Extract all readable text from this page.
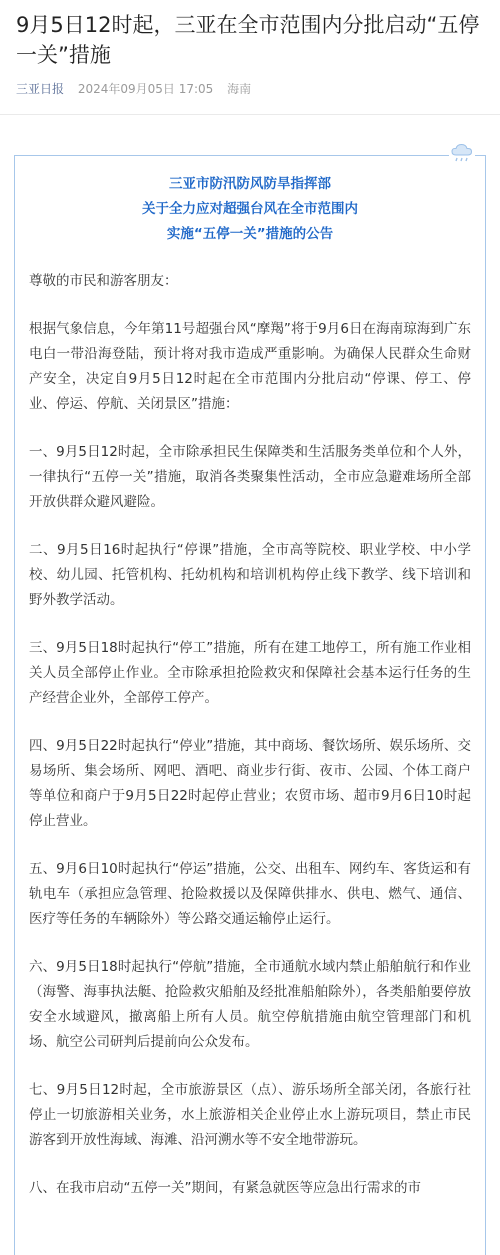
9月5日12时起，三亚在全市范围内分批启动“五停一关”措施
三亚日报 2024年09月05日 17:05 海南
三亚市防汛防风防旱指挥部
关于全力应对超强台风在全市范围内
实施“五停一关”措施的公告

尊敬的市民和游客朋友：

根据气象信息，今年第11号超强台风“摩羯”将于9月6日在海南琼海到广东电白一带沿海登陆，预计将对我市造成严重影响。为确保人民群众生命财产安全，决定自9月5日12时起在全市范围内分批启动“停课、停工、停业、停运、停航、关闭景区”措施：

一、9月5日12时起，全市除承担民生保障类和生活服务类单位和个人外，一律执行“五停一关”措施，取消各类聚集性活动，全市应急避难场所全部开放供群众避风避险。

二、9月5日16时起执行“停课”措施，全市高等院校、职业学校、中小学校、幼儿园、托管机构、托幼机构和培训机构停止线下教学、线下培训和野外教学活动。

三、9月5日18时起执行“停工”措施，所有在建工地停工，所有施工作业相关人员全部停止作业。全市除承担抢险救灾和保障社会基本运行任务的生产经营企业外，全部停工停产。

四、9月5日22时起执行“停业”措施，其中商场、餐饮场所、娱乐场所、交易场所、集会场所、网吧、酒吧、商业步行街、夜市、公园、个体工商户等单位和商户于9月5日22时起停止营业；农贸市场、超市9月6日10时起停止营业。

五、9月6日10时起执行“停运”措施，公交、出租车、网约车、客货运和有轨电车（承担应急管理、抢险救援以及保障供排水、供电、燃气、通信、医疗等任务的车辆除外）等公路交通运输停止运行。

六、9月5日18时起执行“停航”措施，全市通航水域内禁止船舶航行和作业（海警、海事执法艇、抢险救灾船舶及经批准船舶除外），各类船舶要停放安全水域避风，撤离船上所有人员。航空停航措施由航空管理部门和机场、航空公司研判后提前向公众发布。

七、9月5日12时起，全市旅游景区（点）、游乐场所全部关闭，各旅行社停止一切旅游相关业务，水上旅游相关企业停止水上游玩项目，禁止市民游客到开放性海域、海滩、沿河溯水等不安全地带游玩。

八、在我市启动“五停一关”期间，有紧急就医等应急出行需求的市
